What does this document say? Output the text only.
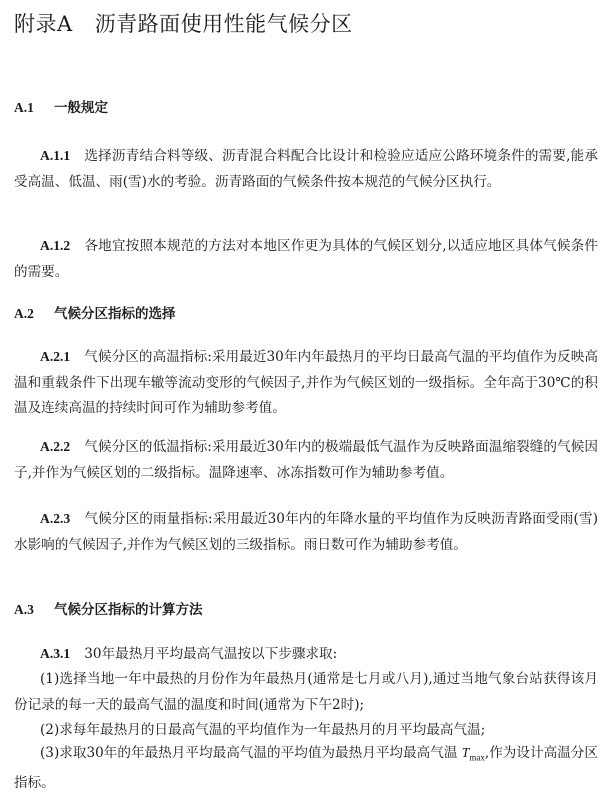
附录A 沥青路面使用性能气候分区
A.1 一般规定
A.1.1 选择沥青结合料等级、沥青混合料配合比设计和检验应适应公路环境条件的需要,能承受高温、低温、雨(雪)水的考验。沥青路面的气候条件按本规范的气候分区执行。
A.1.2 各地宜按照本规范的方法对本地区作更为具体的气候区划分,以适应地区具体气候条件的需要。
A.2 气候分区指标的选择
A.2.1 气候分区的高温指标:采用最近30年内年最热月的平均日最高气温的平均值作为反映高温和重载条件下出现车辙等流动变形的气候因子,并作为气候区划的一级指标。全年高于30℃的积温及连续高温的持续时间可作为辅助参考值。
A.2.2 气候分区的低温指标:采用最近30年内的极端最低气温作为反映路面温缩裂缝的气候因子,并作为气候区划的二级指标。温降速率、冰冻指数可作为辅助参考值。
A.2.3 气候分区的雨量指标:采用最近30年内的年降水量的平均值作为反映沥青路面受雨(雪)水影响的气候因子,并作为气候区划的三级指标。雨日数可作为辅助参考值。
A.3 气候分区指标的计算方法
A.3.1 30年最热月平均最高气温按以下步骤求取:
(1)选择当地一年中最热的月份作为年最热月(通常是七月或八月),通过当地气象台站获得该月份记录的每一天的最高气温的温度和时间(通常为下午2时);
(2)求每年最热月的日最高气温的平均值作为一年最热月的月平均最高气温;
(3)求取30年的年最热月平均最高气温的平均值为最热月平均最高气温 $T_{max}$,作为设计高温分区指标。
